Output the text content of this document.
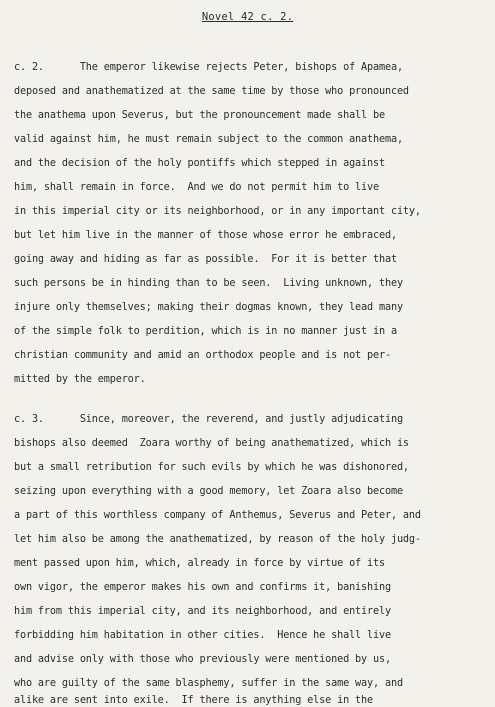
Novel 42 c. 2.
c. 2.      The emperor likewise rejects Peter, bishops of Apamea,
deposed and anathematized at the same time by those who pronounced
the anathema upon Severus, but the pronouncement made shall be
valid against him, he must remain subject to the common anathema,
and the decision of the holy pontiffs which stepped in against
him, shall remain in force.  And we do not permit him to live
in this imperial city or its neighborhood, or in any important city,
but let him live in the manner of those whose error he embraced,
going away and hiding as far as possible.  For it is better that
such persons be in hinding than to be seen.  Living unknown, they
injure only themselves; making their dogmas known, they lead many
of the simple folk to perdition, which is in no manner just in a
christian community and amid an orthodox people and is not per-
mitted by the emperor.
c. 3.      Since, moreover, the reverend, and justly adjudicating
bishops also deemed  Zoara worthy of being anathematized, which is
but a small retribution for such evils by which he was dishonored,
seizing upon everything with a good memory, let Zoara also become
a part of this worthless company of Anthemus, Severus and Peter, and
let him also be among the anathematized, by reason of the holy judg-
ment passed upon him, which, already in force by virtue of its
own vigor, the emperor makes his own and confirms it, banishing
him from this imperial city, and its neighborhood, and entirely
forbidding him habitation in other cities.  Hence he shall live
and advise only with those who previously were mentioned by us,
who are guilty of the same blasphemy, suffer in the same way, and
alike are sent into exile.  If there is anything else in the
